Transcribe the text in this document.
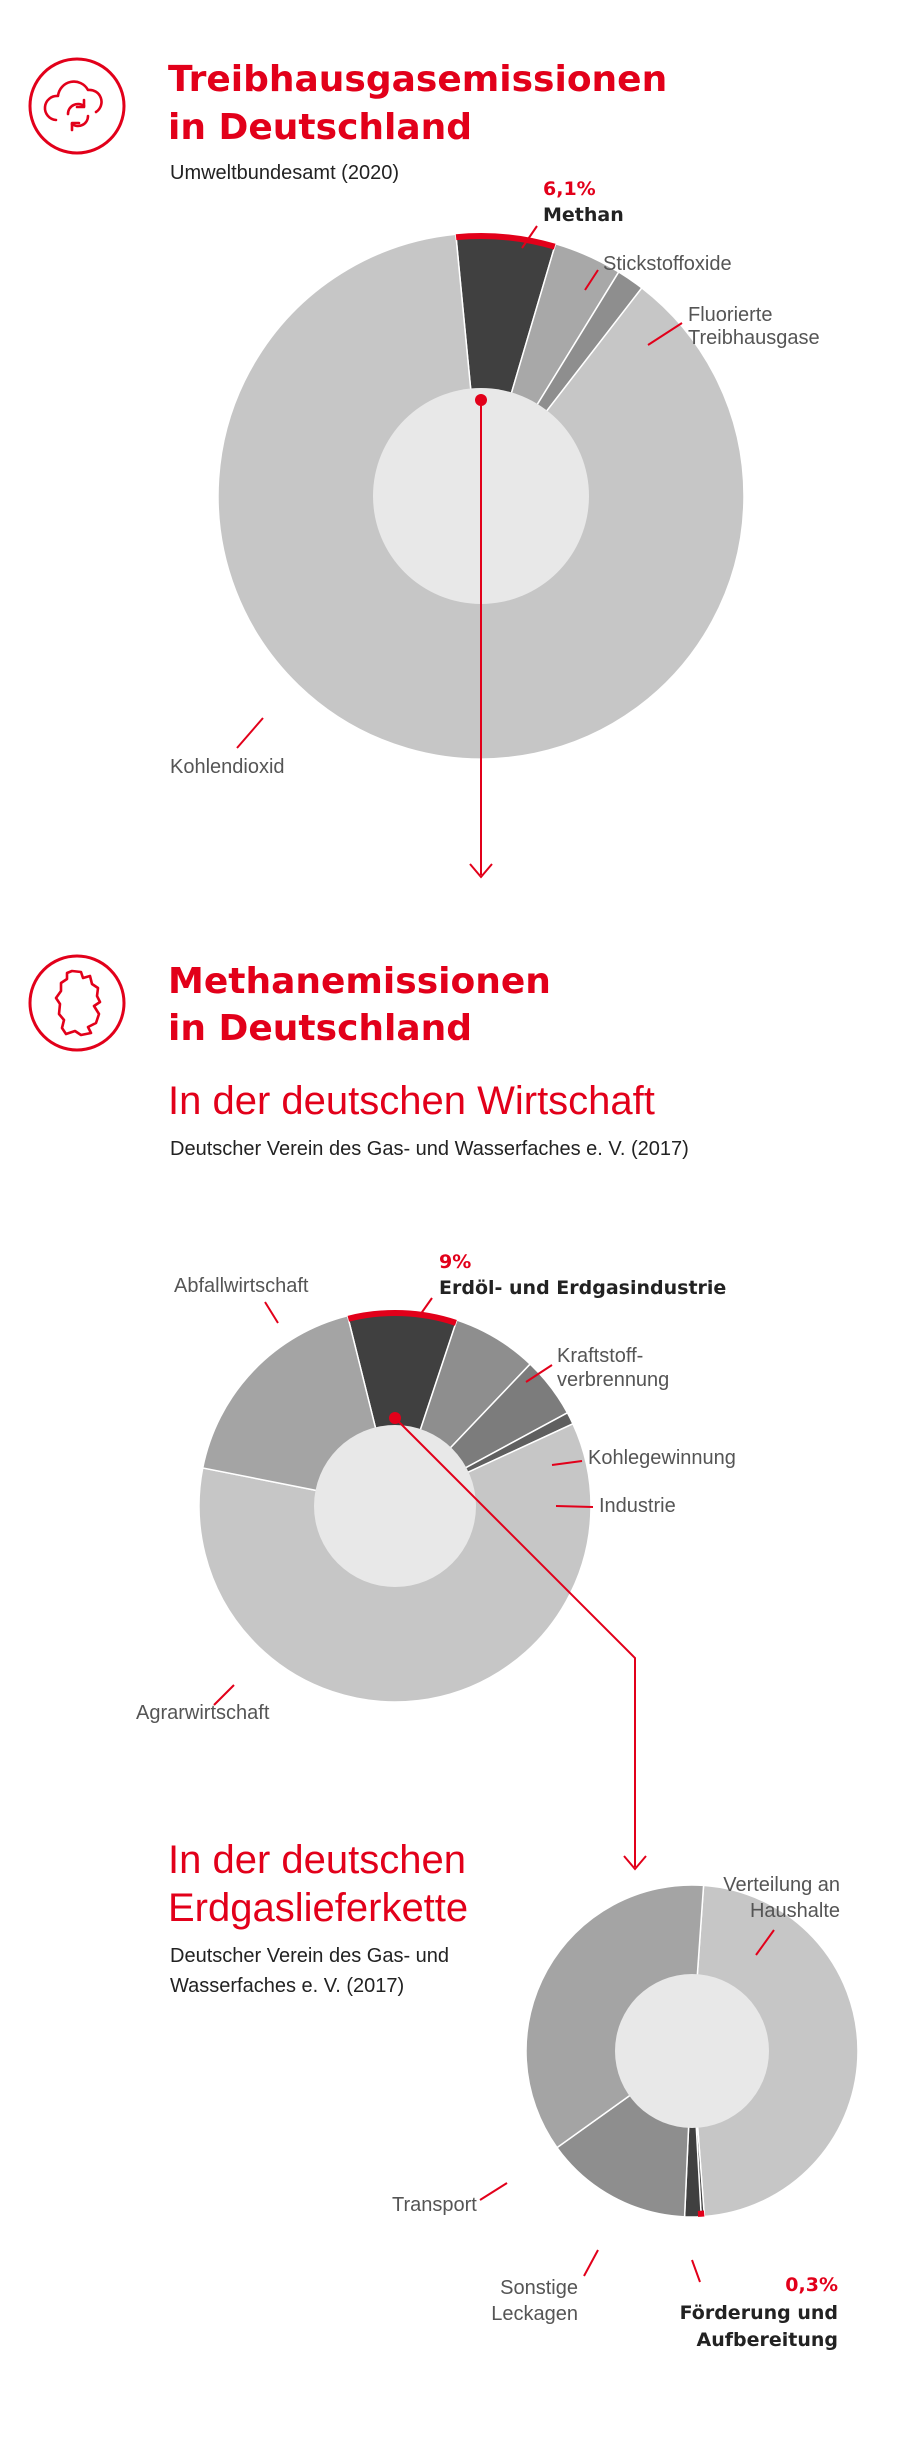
Treibhausgasemissionen
in Deutschland
Umweltbundesamt (2020)
6,1%
Methan
Stickstoffoxide
Fluorierte
Treibhausgase
Kohlendioxid
Methanemissionen
in Deutschland
In der deutschen Wirtschaft
Deutscher Verein des Gas- und Wasserfaches e. V. (2017)
9%
Erdöl- und Erdgasindustrie
Abfallwirtschaft
Kraftstoff-
verbrennung
Kohlegewinnung
Industrie
Agrarwirtschaft
In der deutschen
Erdgaslieferkette
Deutscher Verein des Gas- und
Wasserfaches e. V. (2017)
Verteilung an
Haushalte
Transport
Sonstige
Leckagen
0,3%
Förderung und
Aufbereitung
